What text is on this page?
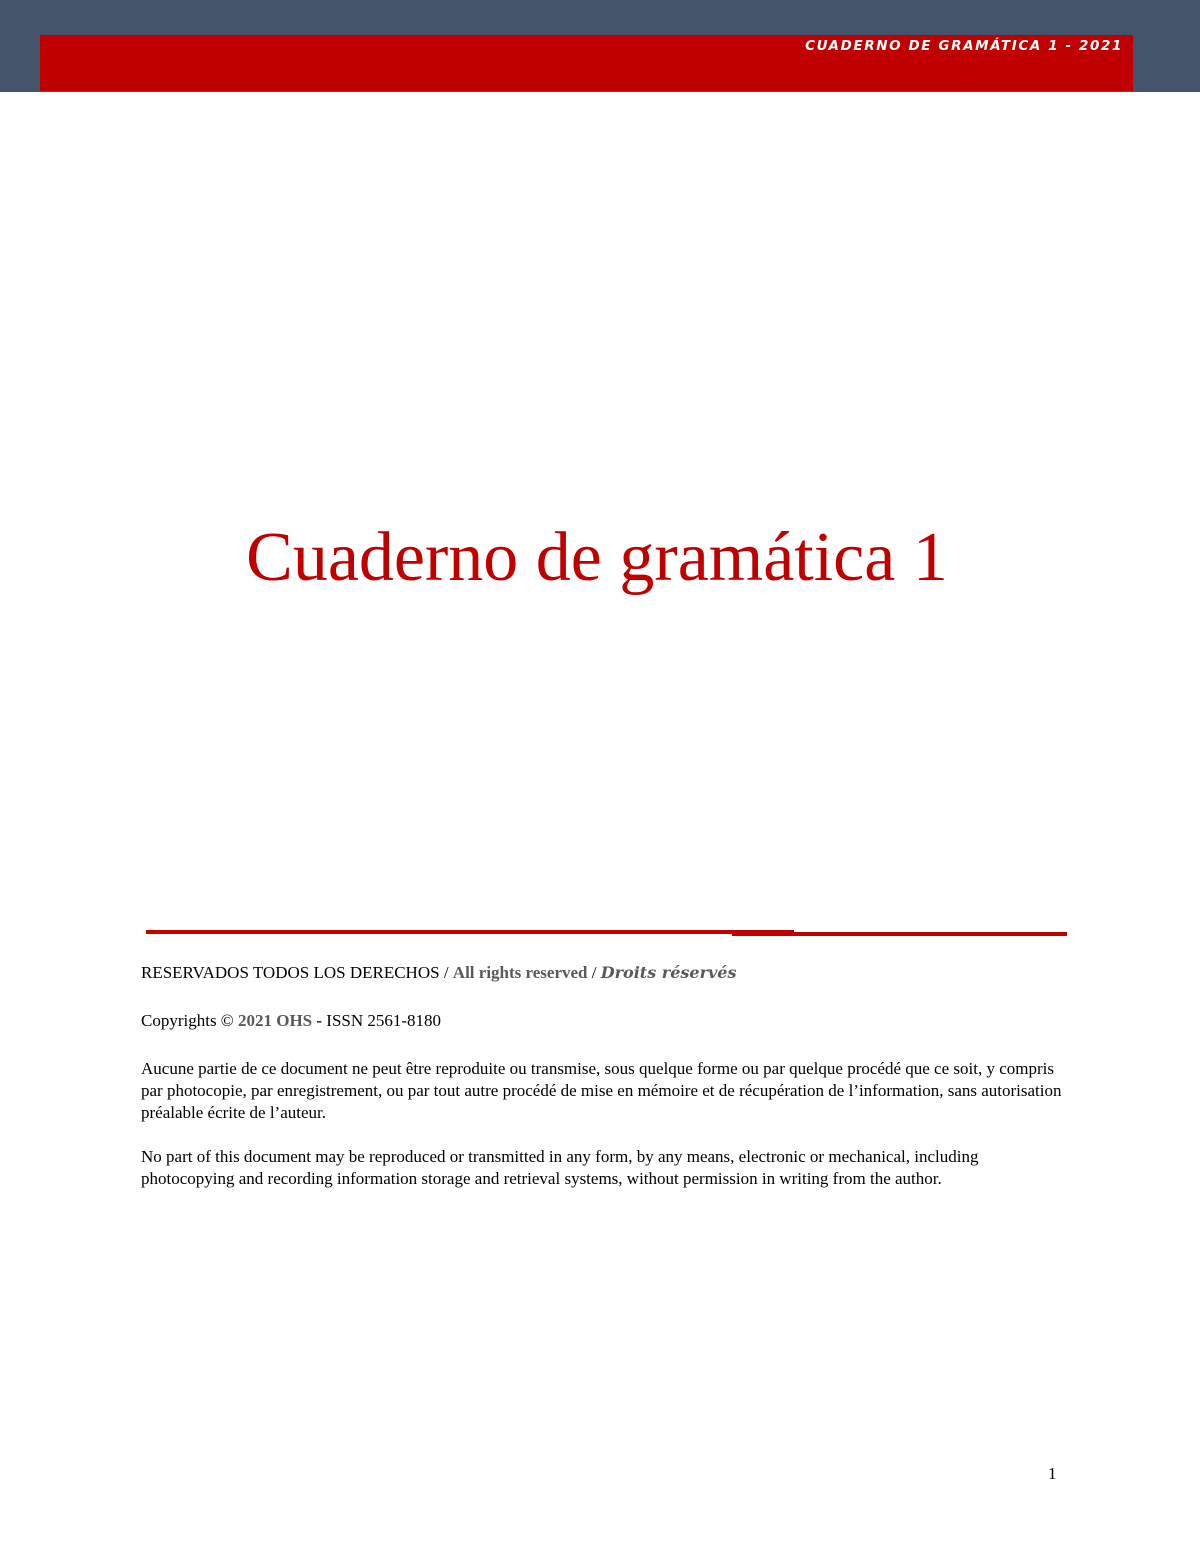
CUADERNO DE GRAMÁTICA 1 - 2021
Cuaderno de gramática 1

RESERVADOS TODOS LOS DERECHOS / All rights reserved / Droits réservés

Copyrights © 2021 OHS - ISSN 2561-8180

Aucune partie de ce document ne peut être reproduite ou transmise, sous quelque forme ou par quelque procédé que ce soit, y compris par photocopie, par enregistrement, ou par tout autre procédé de mise en mémoire et de récupération de l’information, sans autorisation préalable écrite de l’auteur.

No part of this document may be reproduced or transmitted in any form, by any means, electronic or mechanical, including photocopying and recording information storage and retrieval systems, without permission in writing from the author.

1
